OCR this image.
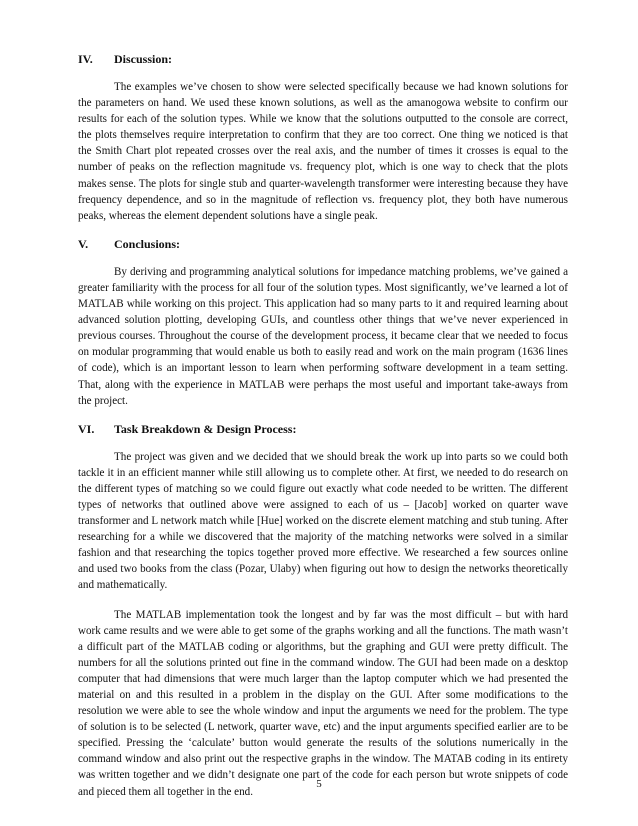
IV.	Discussion:

The examples we’ve chosen to show were selected specifically because we had known solutions for the parameters on hand. We used these known solutions, as well as the amanogowa website to confirm our results for each of the solution types. While we know that the solutions outputted to the console are correct, the plots themselves require interpretation to confirm that they are too correct. One thing we noticed is that the Smith Chart plot repeated crosses over the real axis, and the number of times it crosses is equal to the number of peaks on the reflection magnitude vs. frequency plot, which is one way to check that the plots makes sense. The plots for single stub and quarter-wavelength transformer were interesting because they have frequency dependence, and so in the magnitude of reflection vs. frequency plot, they both have numerous peaks, whereas the element dependent solutions have a single peak.

V.	Conclusions:

By deriving and programming analytical solutions for impedance matching problems, we’ve gained a greater familiarity with the process for all four of the solution types. Most significantly, we’ve learned a lot of MATLAB while working on this project. This application had so many parts to it and required learning about advanced solution plotting, developing GUIs, and countless other things that we’ve never experienced in previous courses. Throughout the course of the development process, it became clear that we needed to focus on modular programming that would enable us both to easily read and work on the main program (1636 lines of code), which is an important lesson to learn when performing software development in a team setting. That, along with the experience in MATLAB were perhaps the most useful and important take-aways from the project.

VI.	Task Breakdown & Design Process:

The project was given and we decided that we should break the work up into parts so we could both tackle it in an efficient manner while still allowing us to complete other. At first, we needed to do research on the different types of matching so we could figure out exactly what code needed to be written. The different types of networks that outlined above were assigned to each of us – [Jacob] worked on quarter wave transformer and L network match while [Hue] worked on the discrete element matching and stub tuning. After researching for a while we discovered that the majority of the matching networks were solved in a similar fashion and that researching the topics together proved more effective. We researched a few sources online and used two books from the class (Pozar, Ulaby) when figuring out how to design the networks theoretically and mathematically.

The MATLAB implementation took the longest and by far was the most difficult – but with hard work came results and we were able to get some of the graphs working and all the functions. The math wasn’t a difficult part of the MATLAB coding or algorithms, but the graphing and GUI were pretty difficult. The numbers for all the solutions printed out fine in the command window. The GUI had been made on a desktop computer that had dimensions that were much larger than the laptop computer which we had presented the material on and this resulted in a problem in the display on the GUI. After some modifications to the resolution we were able to see the whole window and input the arguments we need for the problem. The type of solution is to be selected (L network, quarter wave, etc) and the input arguments specified earlier are to be specified. Pressing the ‘calculate’ button would generate the results of the solutions numerically in the command window and also print out the respective graphs in the window. The MATAB coding in its entirety was written together and we didn’t designate one part of the code for each person but wrote snippets of code and pieced them all together in the end.

5
